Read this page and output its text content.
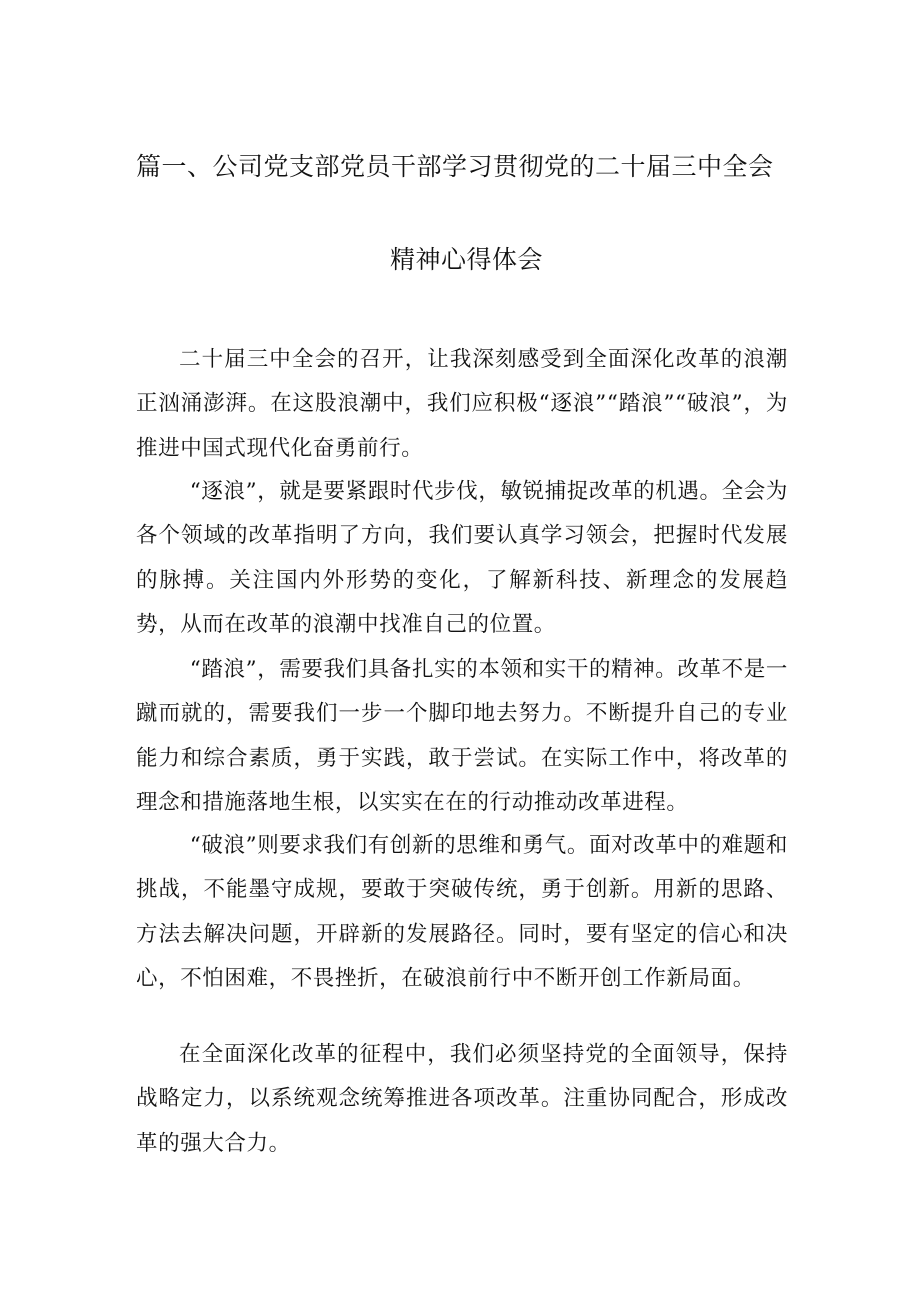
篇一、公司党支部党员干部学习贯彻党的二十届三中全会
精神心得体会
二十届三中全会的召开，让我深刻感受到全面深化改革的浪潮正汹涌澎湃。在这股浪潮中，我们应积极“逐浪”“踏浪”“破浪”，为推进中国式现代化奋勇前行。
“逐浪”，就是要紧跟时代步伐，敏锐捕捉改革的机遇。全会为各个领域的改革指明了方向，我们要认真学习领会，把握时代发展的脉搏。关注国内外形势的变化，了解新科技、新理念的发展趋势，从而在改革的浪潮中找准自己的位置。
“踏浪”，需要我们具备扎实的本领和实干的精神。改革不是一蹴而就的，需要我们一步一个脚印地去努力。不断提升自己的专业能力和综合素质，勇于实践，敢于尝试。在实际工作中，将改革的理念和措施落地生根，以实实在在的行动推动改革进程。
“破浪”则要求我们有创新的思维和勇气。面对改革中的难题和挑战，不能墨守成规，要敢于突破传统，勇于创新。用新的思路、方法去解决问题，开辟新的发展路径。同时，要有坚定的信心和决心，不怕困难，不畏挫折，在破浪前行中不断开创工作新局面。
在全面深化改革的征程中，我们必须坚持党的全面领导，保持战略定力，以系统观念统筹推进各项改革。注重协同配合，形成改革的强大合力。
